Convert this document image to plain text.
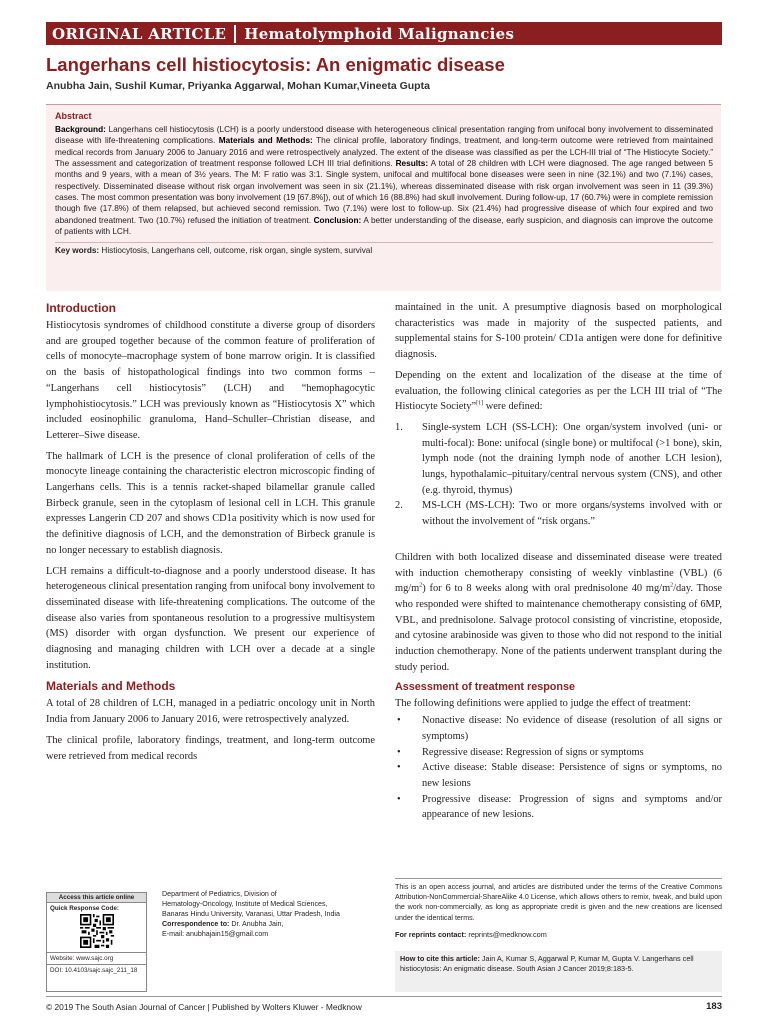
ORIGINAL ARTICLE	Hematolymphoid Malignancies
Langerhans cell histiocytosis: An enigmatic disease
Anubha Jain, Sushil Kumar, Priyanka Aggarwal, Mohan Kumar,Vineeta Gupta
Abstract
Background: Langerhans cell histiocytosis (LCH) is a poorly understood disease with heterogeneous clinical presentation ranging from unifocal bony involvement to disseminated disease with life-threatening complications. Materials and Methods: The clinical profile, laboratory findings, treatment, and long-term outcome were retrieved from maintained medical records from January 2006 to January 2016 and were retrospectively analyzed. The extent of the disease was classified as per the LCH-III trial of “The Histiocyte Society.” The assessment and categorization of treatment response followed LCH III trial definitions. Results: A total of 28 children with LCH were diagnosed. The age ranged between 5 months and 9 years, with a mean of 3½ years. The M: F ratio was 3:1. Single system, unifocal and multifocal bone diseases were seen in nine (32.1%) and two (7.1%) cases, respectively. Disseminated disease without risk organ involvement was seen in six (21.1%), whereas disseminated disease with risk organ involvement was seen in 11 (39.3%) cases. The most common presentation was bony involvement (19 [67.8%]), out of which 16 (88.8%) had skull involvement. During follow-up, 17 (60.7%) were in complete remission though five (17.8%) of them relapsed, but achieved second remission. Two (7.1%) were lost to follow-up. Six (21.4%) had progressive disease of which four expired and two abandoned treatment. Two (10.7%) refused the initiation of treatment. Conclusion: A better understanding of the disease, early suspicion, and diagnosis can improve the outcome of patients with LCH.
Key words: Histiocytosis, Langerhans cell, outcome, risk organ, single system, survival
Introduction

Histiocytosis syndromes of childhood constitute a diverse group of disorders and are grouped together because of the common feature of proliferation of cells of monocyte–macrophage system of bone marrow origin. It is classified on the basis of histopathological findings into two common forms – “Langerhans cell histiocytosis” (LCH) and “hemophagocytic lymphohistiocytosis.” LCH was previously known as “Histiocytosis X” which included eosinophilic granuloma, Hand–Schuller–Christian disease, and Letterer–Siwe disease.

The hallmark of LCH is the presence of clonal proliferation of cells of the monocyte lineage containing the characteristic electron microscopic finding of Langerhans cells. This is a tennis racket-shaped bilamellar granule called Birbeck granule, seen in the cytoplasm of lesional cell in LCH. This granule expresses Langerin CD 207 and shows CD1a positivity which is now used for the definitive diagnosis of LCH, and the demonstration of Birbeck granule is no longer necessary to establish diagnosis.

LCH remains a difficult-to-diagnose and a poorly understood disease. It has heterogeneous clinical presentation ranging from unifocal bony involvement to disseminated disease with life-threatening complications. The outcome of the disease also varies from spontaneous resolution to a progressive multisystem (MS) disorder with organ dysfunction. We present our experience of diagnosing and managing children with LCH over a decade at a single institution.

Materials and Methods

A total of 28 children of LCH, managed in a pediatric oncology unit in North India from January 2006 to January 2016, were retrospectively analyzed.

The clinical profile, laboratory findings, treatment, and long-term outcome were retrieved from medical records

maintained in the unit. A presumptive diagnosis based on morphological characteristics was made in majority of the suspected patients, and supplemental stains for S-100 protein/ CD1a antigen were done for definitive diagnosis.

Depending on the extent and localization of the disease at the time of evaluation, the following clinical categories as per the LCH III trial of “The Histiocyte Society”[1] were defined:

1. Single-system LCH (SS-LCH): One organ/system involved (uni- or multi-focal): Bone: unifocal (single bone) or multifocal (>1 bone), skin, lymph node (not the draining lymph node of another LCH lesion), lungs, hypothalamic–pituitary/central nervous system (CNS), and other (e.g. thyroid, thymus)
2. MS-LCH (MS-LCH): Two or more organs/systems involved with or without the involvement of “risk organs.”

Children with both localized disease and disseminated disease were treated with induction chemotherapy consisting of weekly vinblastine (VBL) (6 $mg/m^2$) for 6 to 8 weeks along with oral prednisolone 40 $mg/m^2$/day. Those who responded were shifted to maintenance chemotherapy consisting of 6MP, VBL, and prednisolone. Salvage protocol consisting of vincristine, etoposide, and cytosine arabinoside was given to those who did not respond to the initial induction chemotherapy. None of the patients underwent transplant during the study period.

Assessment of treatment response

The following definitions were applied to judge the effect of treatment:

• Nonactive disease: No evidence of disease (resolution of all signs or symptoms)
• Regressive disease: Regression of signs or symptoms
• Active disease: Stable disease: Persistence of signs or symptoms, no new lesions
• Progressive disease: Progression of signs and symptoms and/or appearance of new lesions.
Access this article online
Quick Response Code:
Website: www.sajc.org
DOI: 10.4103/sajc.sajc_211_18
Department of Pediatrics, Division of
Hematology-Oncology, Institute of Medical Sciences,
Banaras Hindu University, Varanasi, Uttar Pradesh, India
Correspondence to: Dr. Anubha Jain,
E-mail: anubhajain15@gmail.com
This is an open access journal, and articles are distributed under the terms of the Creative Commons Attribution-NonCommercial-ShareAlike 4.0 License, which allows others to remix, tweak, and build upon the work non-commercially, as long as appropriate credit is given and the new creations are licensed under the identical terms.
For reprints contact: reprints@medknow.com
How to cite this article: Jain A, Kumar S, Aggarwal P, Kumar M, Gupta V. Langerhans cell histiocytosis: An enigmatic disease. South Asian J Cancer 2019;8:183-5.
© 2019 The South Asian Journal of Cancer | Published by Wolters Kluwer - Medknow	183
